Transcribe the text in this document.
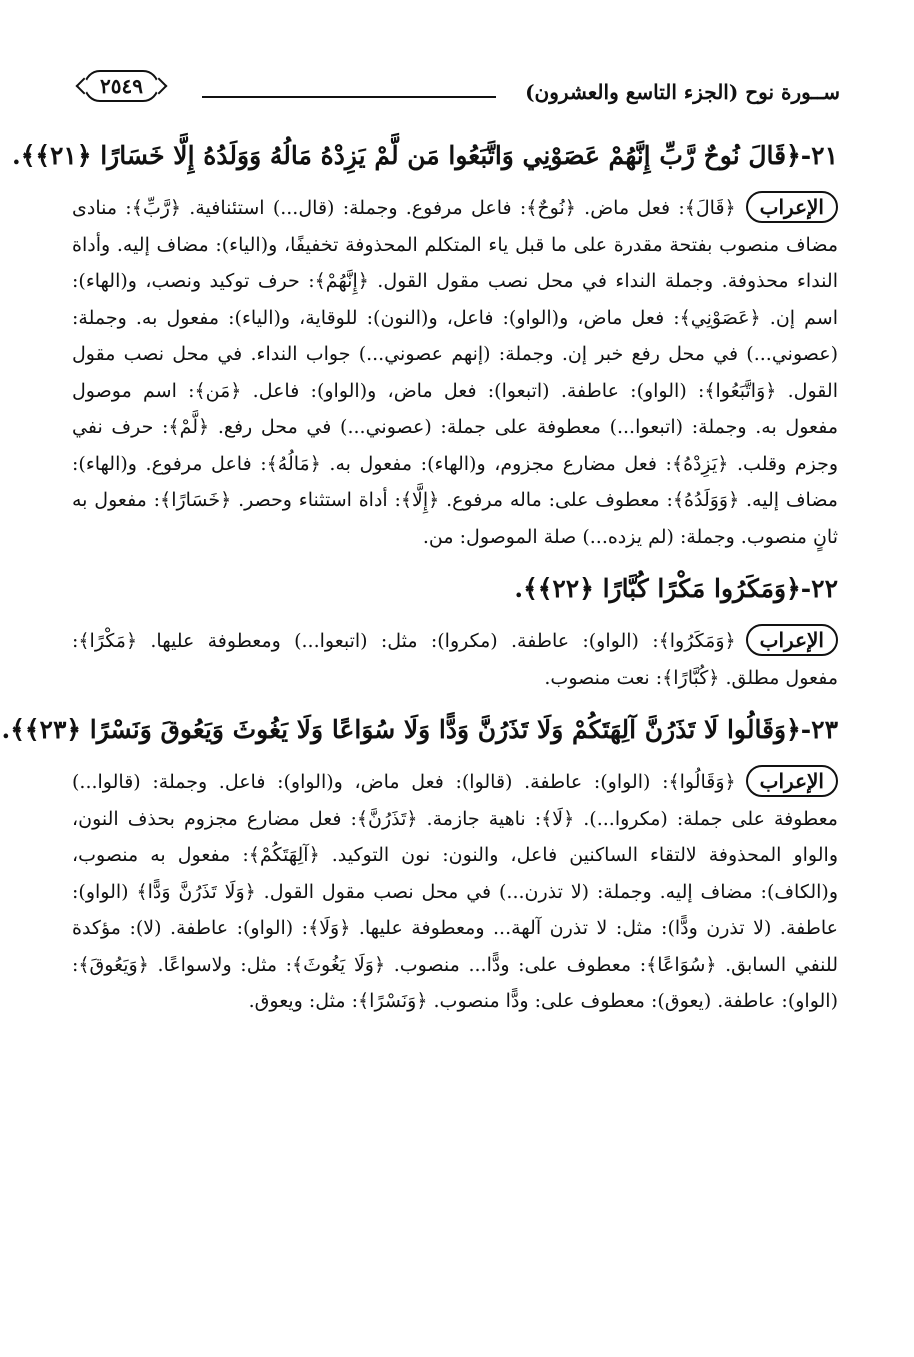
ســورة نوح (الجزء التاسع والعشرون)
٢٥٤٩
٢١-﴿قَالَ نُوحٌ رَّبِّ إِنَّهُمْ عَصَوْنِي وَاتَّبَعُوا مَن لَّمْ يَزِدْهُ مَالُهُ وَوَلَدُهُ إِلَّا خَسَارًا ﴿٢١﴾﴾.
الإعراب﴿قَالَ﴾: فعل ماض. ﴿نُوحٌ﴾: فاعل مرفوع. وجملة: (قال...) استئنافية. ﴿رَّبِّ﴾: منادى مضاف منصوب بفتحة مقدرة على ما قبل ياء المتكلم المحذوفة تخفيفًا، و(الياء): مضاف إليه. وأداة النداء محذوفة. وجملة النداء في محل نصب مقول القول. ﴿إِنَّهُمْ﴾: حرف توكيد ونصب، و(الهاء): اسم إن. ﴿عَصَوْنِي﴾: فعل ماض، و(الواو): فاعل، و(النون): للوقاية، و(الياء): مفعول به. وجملة: (عصوني...) في محل رفع خبر إن. وجملة: (إنهم عصوني...) جواب النداء. في محل نصب مقول القول. ﴿وَاتَّبَعُوا﴾: (الواو): عاطفة. (اتبعوا): فعل ماض، و(الواو): فاعل. ﴿مَن﴾: اسم موصول مفعول به. وجملة: (اتبعوا...) معطوفة على جملة: (عصوني...) في محل رفع. ﴿لَّمْ﴾: حرف نفي وجزم وقلب. ﴿يَزِدْهُ﴾: فعل مضارع مجزوم، و(الهاء): مفعول به. ﴿مَالُهُ﴾: فاعل مرفوع. و(الهاء): مضاف إليه. ﴿وَوَلَدُهُ﴾: معطوف على: ماله مرفوع. ﴿إِلَّا﴾: أداة استثناء وحصر. ﴿خَسَارًا﴾: مفعول به ثانٍ منصوب. وجملة: (لم يزده...) صلة الموصول: من.
٢٢-﴿وَمَكَرُوا مَكْرًا كُبَّارًا ﴿٢٢﴾﴾.
الإعراب﴿وَمَكَرُوا﴾: (الواو): عاطفة. (مكروا): مثل: (اتبعوا...) ومعطوفة عليها. ﴿مَكْرًا﴾: مفعول مطلق. ﴿كُبَّارًا﴾: نعت منصوب.
٢٣-﴿وَقَالُوا لَا تَذَرُنَّ آلِهَتَكُمْ وَلَا تَذَرُنَّ وَدًّا وَلَا سُوَاعًا وَلَا يَغُوثَ وَيَعُوقَ وَنَسْرًا ﴿٢٣﴾﴾.
الإعراب﴿وَقَالُوا﴾: (الواو): عاطفة. (قالوا): فعل ماض، و(الواو): فاعل. وجملة: (قالوا...) معطوفة على جملة: (مكروا...). ﴿لَا﴾: ناهية جازمة. ﴿تَذَرُنَّ﴾: فعل مضارع مجزوم بحذف النون، والواو المحذوفة لالتقاء الساكنين فاعل، والنون: نون التوكيد. ﴿آلِهَتَكُمْ﴾: مفعول به منصوب، و(الكاف): مضاف إليه. وجملة: (لا تذرن...) في محل نصب مقول القول. ﴿وَلَا تَذَرُنَّ وَدًّا﴾ (الواو): عاطفة. (لا تذرن ودًّا): مثل: لا تذرن آلهة... ومعطوفة عليها. ﴿وَلَا﴾: (الواو): عاطفة. (لا): مؤكدة للنفي السابق. ﴿سُوَاعًا﴾: معطوف على: ودًّا... منصوب. ﴿وَلَا يَغُوثَ﴾: مثل: ولاسواعًا. ﴿وَيَعُوقَ﴾: (الواو): عاطفة. (يعوق): معطوف على: ودًّا منصوب. ﴿وَنَسْرًا﴾: مثل: ويعوق.
